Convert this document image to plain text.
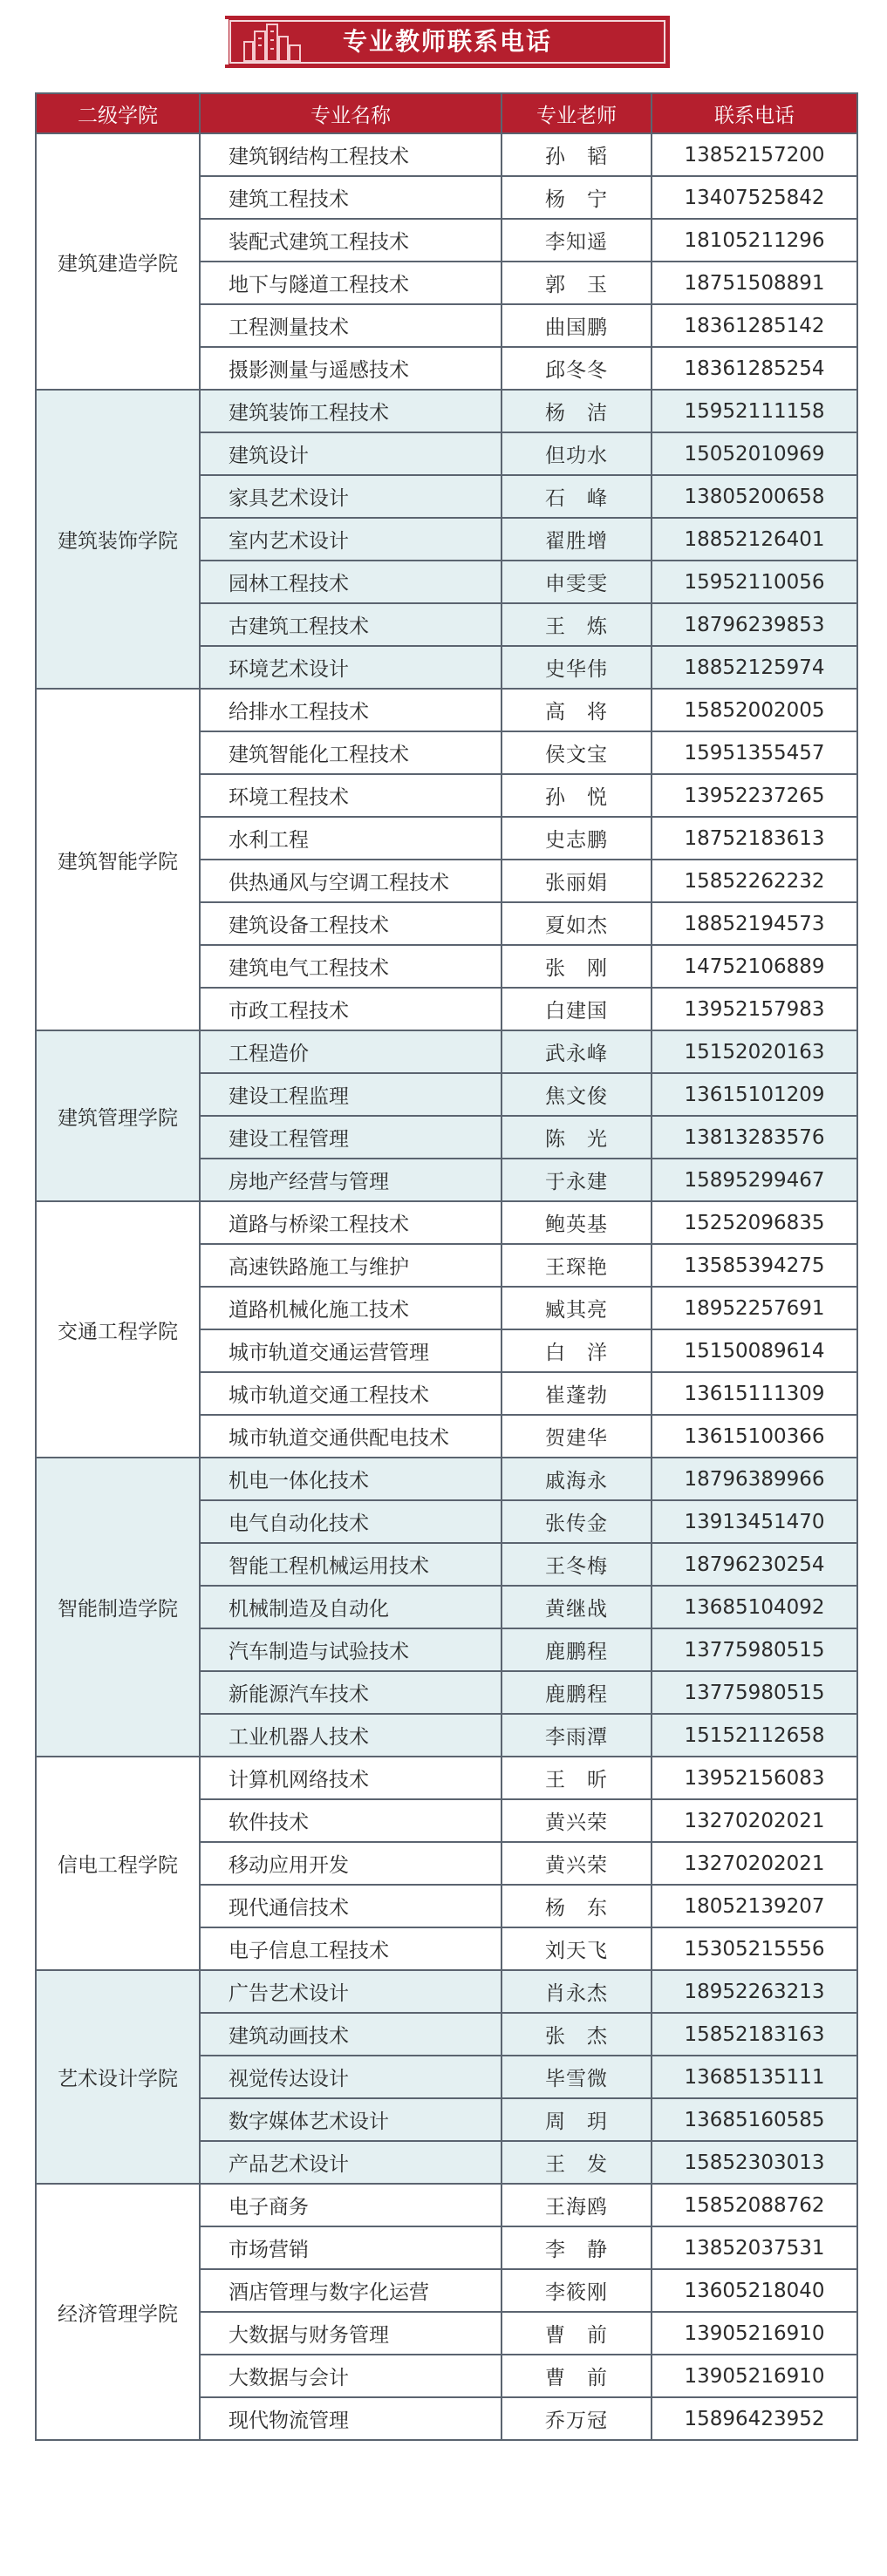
专业教师联系电话
二级学院	专业名称	专业老师	联系电话
建筑建造学院	建筑钢结构工程技术	孙　韬	13852157200
	建筑工程技术	杨　宁	13407525842
	装配式建筑工程技术	李知遥	18105211296
	地下与隧道工程技术	郭　玉	18751508891
	工程测量技术	曲国鹏	18361285142
	摄影测量与遥感技术	邱冬冬	18361285254
建筑装饰学院	建筑装饰工程技术	杨　洁	15952111158
	建筑设计	但功水	15052010969
	家具艺术设计	石　峰	13805200658
	室内艺术设计	翟胜增	18852126401
	园林工程技术	申雯雯	15952110056
	古建筑工程技术	王　炼	18796239853
	环境艺术设计	史华伟	18852125974
建筑智能学院	给排水工程技术	高　将	15852002005
	建筑智能化工程技术	侯文宝	15951355457
	环境工程技术	孙　悦	13952237265
	水利工程	史志鹏	18752183613
	供热通风与空调工程技术	张丽娟	15852262232
	建筑设备工程技术	夏如杰	18852194573
	建筑电气工程技术	张　刚	14752106889
	市政工程技术	白建国	13952157983
建筑管理学院	工程造价	武永峰	15152020163
	建设工程监理	焦文俊	13615101209
	建设工程管理	陈　光	13813283576
	房地产经营与管理	于永建	15895299467
交通工程学院	道路与桥梁工程技术	鲍英基	15252096835
	高速铁路施工与维护	王琛艳	13585394275
	道路机械化施工技术	臧其亮	18952257691
	城市轨道交通运营管理	白　洋	15150089614
	城市轨道交通工程技术	崔蓬勃	13615111309
	城市轨道交通供配电技术	贺建华	13615100366
智能制造学院	机电一体化技术	戚海永	18796389966
	电气自动化技术	张传金	13913451470
	智能工程机械运用技术	王冬梅	18796230254
	机械制造及自动化	黄继战	13685104092
	汽车制造与试验技术	鹿鹏程	13775980515
	新能源汽车技术	鹿鹏程	13775980515
	工业机器人技术	李雨潭	15152112658
信电工程学院	计算机网络技术	王　昕	13952156083
	软件技术	黄兴荣	13270202021
	移动应用开发	黄兴荣	13270202021
	现代通信技术	杨　东	18052139207
	电子信息工程技术	刘天飞	15305215556
艺术设计学院	广告艺术设计	肖永杰	18952263213
	建筑动画技术	张　杰	15852183163
	视觉传达设计	毕雪微	13685135111
	数字媒体艺术设计	周　玥	13685160585
	产品艺术设计	王　发	15852303013
经济管理学院	电子商务	王海鸥	15852088762
	市场营销	李　静	13852037531
	酒店管理与数字化运营	李筱刚	13605218040
	大数据与财务管理	曹　前	13905216910
	大数据与会计	曹　前	13905216910
	现代物流管理	乔万冠	15896423952
